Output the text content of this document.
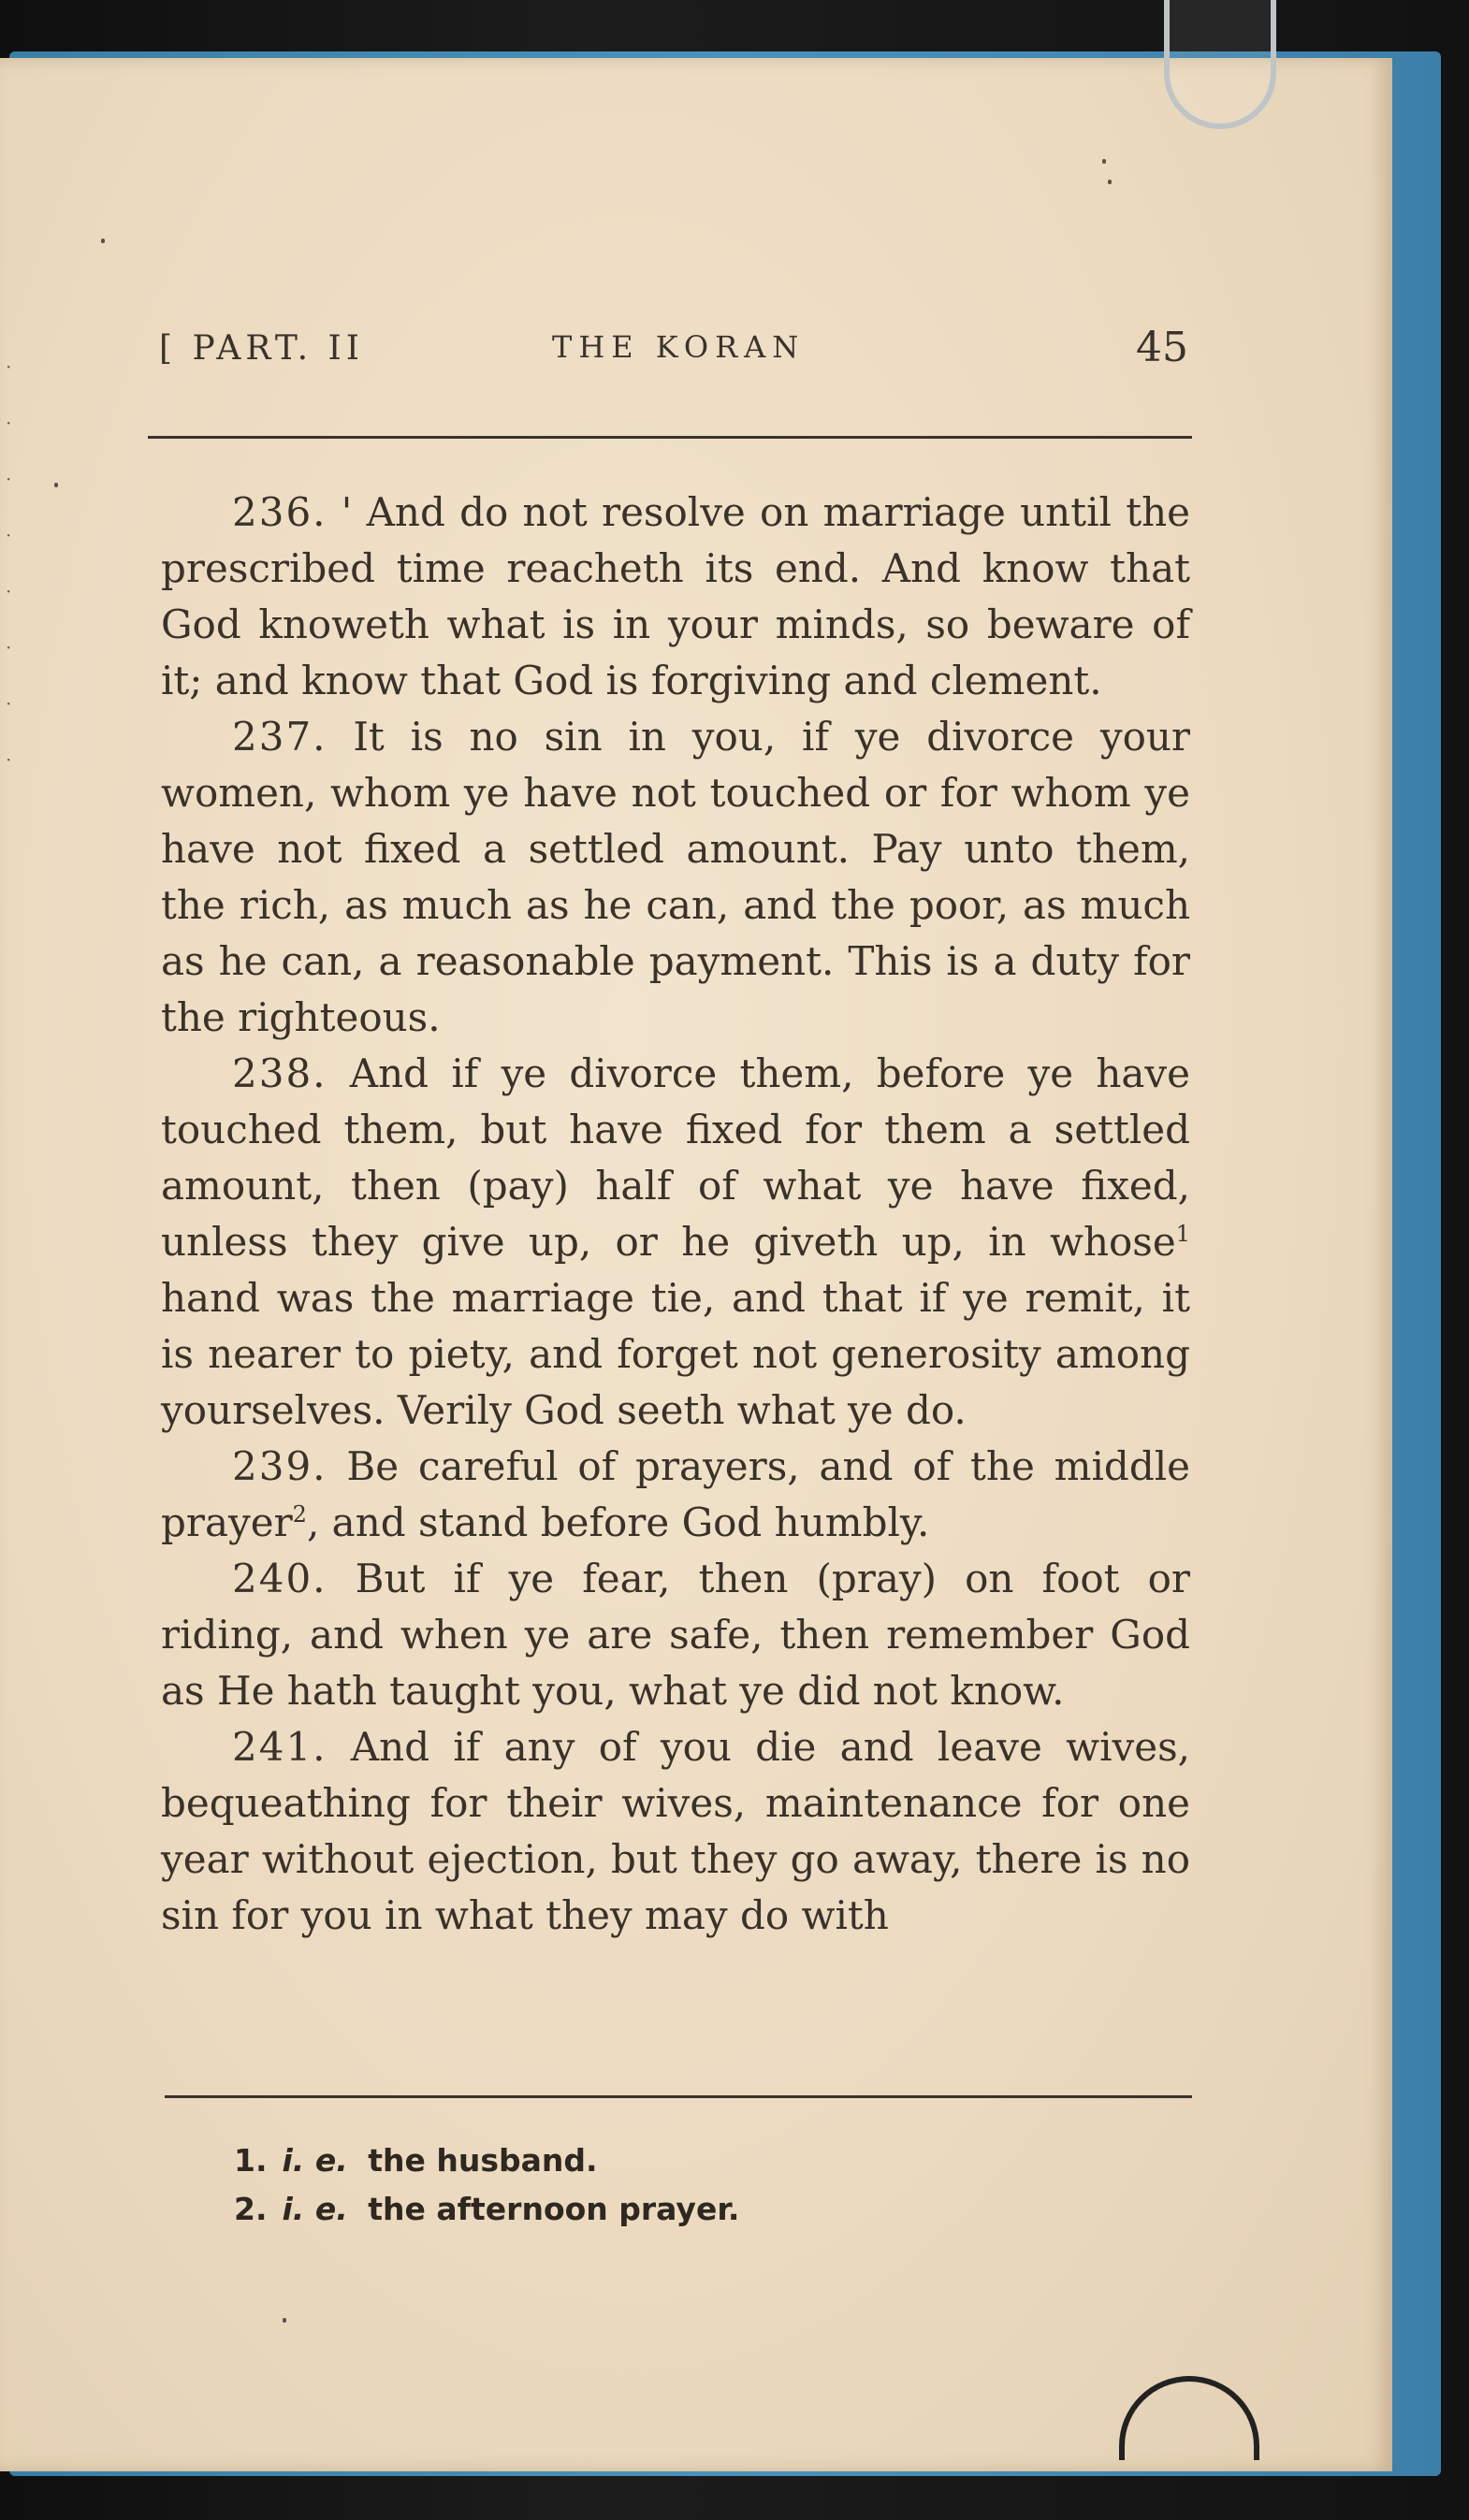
·
·
·
·
·
·
·
·
[ PART. II	THE KORAN	45

236. ' And do not resolve on marriage until the prescribed time reacheth its end. And know that God knoweth what is in your minds, so beware of it; and know that God is forgiving and clement.

237. It is no sin in you, if ye divorce your women, whom ye have not touched or for whom ye have not fixed a settled amount. Pay unto them, the rich, as much as he can, and the poor, as much as he can, a reasonable payment. This is a duty for the righteous.

238. And if ye divorce them, before ye have touched them, but have fixed for them a settled amount, then (pay) half of what ye have fixed, unless they give up, or he giveth up, in whose$^1$ hand was the marriage tie, and that if ye remit, it is nearer to piety, and forget not generosity among yourselves. Verily God seeth what ye do.

239. Be careful of prayers, and of the middle prayer$^2$, and stand before God humbly.

240. But if ye fear, then (pray) on foot or riding, and when ye are safe, then remember God as He hath taught you, what ye did not know.

241. And if any of you die and leave wives, bequeathing for their wives, maintenance for one year without ejection, but they go away, there is no sin for you in what they may do with

1. i. e. the husband.

2. i. e. the afternoon prayer.
